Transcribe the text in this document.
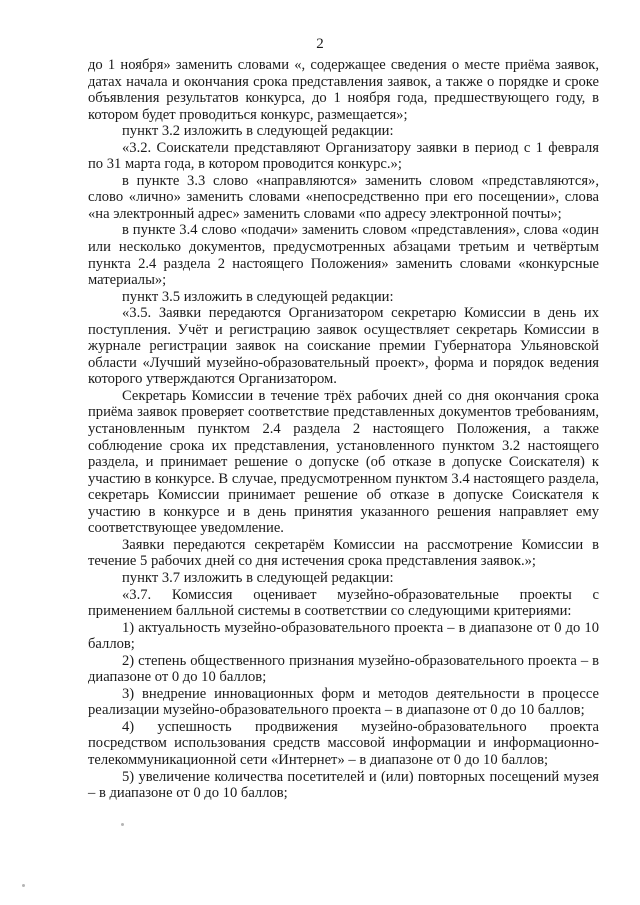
2

до 1 ноября» заменить словами «, содержащее сведения о месте приёма заявок, датах начала и окончания срока представления заявок, а также о порядке и сроке объявления результатов конкурса, до 1 ноября года, предшествующего году, в котором будет проводиться конкурс, размещается»;

пункт 3.2 изложить в следующей редакции:

«3.2. Соискатели представляют Организатору заявки в период с 1 февраля по 31 марта года, в котором проводится конкурс.»;

в пункте 3.3 слово «направляются» заменить словом «представляются», слово «лично» заменить словами «непосредственно при его посещении», слова «на электронный адрес» заменить словами «по адресу электронной почты»;

в пункте 3.4 слово «подачи» заменить словом «представления», слова «один или несколько документов, предусмотренных абзацами третьим и четвёртым пункта 2.4 раздела 2 настоящего Положения» заменить словами «конкурсные материалы»;

пункт 3.5 изложить в следующей редакции:

«3.5. Заявки передаются Организатором секретарю Комиссии в день их поступления. Учёт и регистрацию заявок осуществляет секретарь Комиссии в журнале регистрации заявок на соискание премии Губернатора Ульяновской области «Лучший музейно-образовательный проект», форма и порядок ведения которого утверждаются Организатором.

Секретарь Комиссии в течение трёх рабочих дней со дня окончания срока приёма заявок проверяет соответствие представленных документов требованиям, установленным пунктом 2.4 раздела 2 настоящего Положения, а также соблюдение срока их представления, установленного пунктом 3.2 настоящего раздела, и принимает решение о допуске (об отказе в допуске Соискателя) к участию в конкурсе. В случае, предусмотренном пунктом 3.4 настоящего раздела, секретарь Комиссии принимает решение об отказе в допуске Соискателя к участию в конкурсе и в день принятия указанного решения направляет ему соответствующее уведомление.

Заявки передаются секретарём Комиссии на рассмотрение Комиссии в течение 5 рабочих дней со дня истечения срока представления заявок.»;

пункт 3.7 изложить в следующей редакции:

«3.7. Комиссия оценивает музейно-образовательные проекты с применением балльной системы в соответствии со следующими критериями:

1) актуальность музейно-образовательного проекта – в диапазоне от 0 до 10 баллов;

2) степень общественного признания музейно-образовательного проекта – в диапазоне от 0 до 10 баллов;

3) внедрение инновационных форм и методов деятельности в процессе реализации музейно-образовательного проекта – в диапазоне от 0 до 10 баллов;

4) успешность продвижения музейно-образовательного проекта посредством использования средств массовой информации и информационно-телекоммуникационной сети «Интернет» – в диапазоне от 0 до 10 баллов;

5) увеличение количества посетителей и (или) повторных посещений музея – в диапазоне от 0 до 10 баллов;
